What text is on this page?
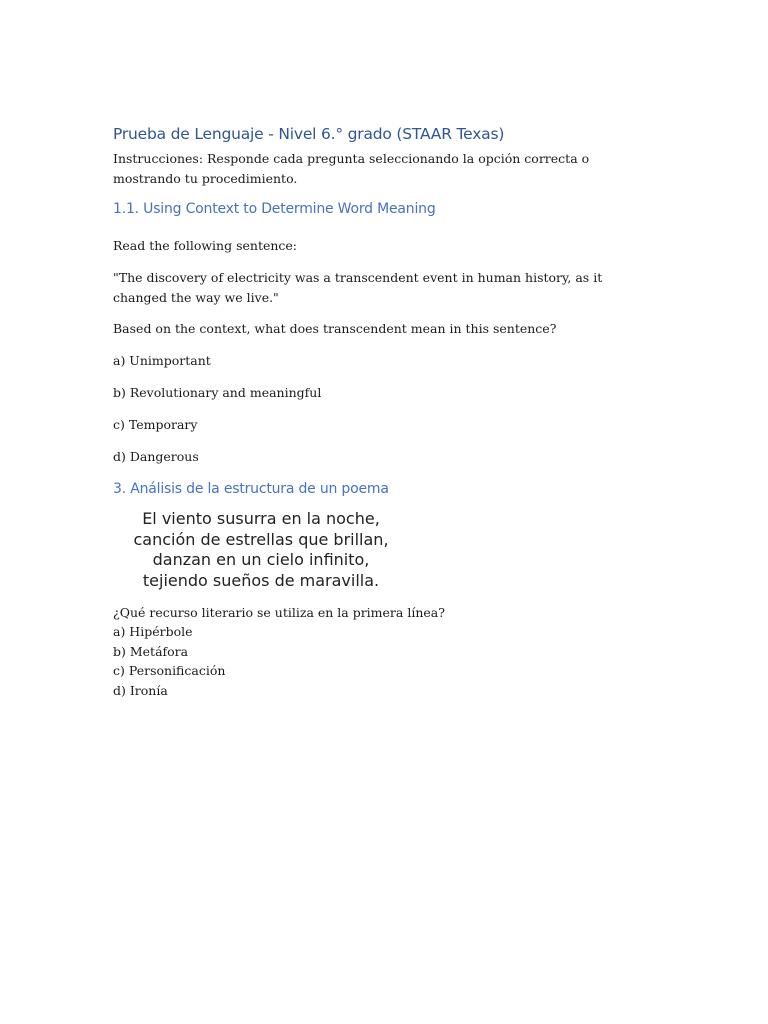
Prueba de Lenguaje - Nivel 6.° grado (STAAR Texas)

Instrucciones: Responde cada pregunta seleccionando la opción correcta o mostrando tu procedimiento.

1.1. Using Context to Determine Word Meaning

Read the following sentence:

"The discovery of electricity was a transcendent event in human history, as it changed the way we live."

Based on the context, what does transcendent mean in this sentence?

a) Unimportant

b) Revolutionary and meaningful

c) Temporary

d) Dangerous

3. Análisis de la estructura de un poema
El viento susurra en la noche,
canción de estrellas que brillan,
danzan en un cielo infinito,
tejiendo sueños de maravilla.
¿Qué recurso literario se utiliza en la primera línea?
a) Hipérbole
b) Metáfora
c) Personificación
d) Ironía
